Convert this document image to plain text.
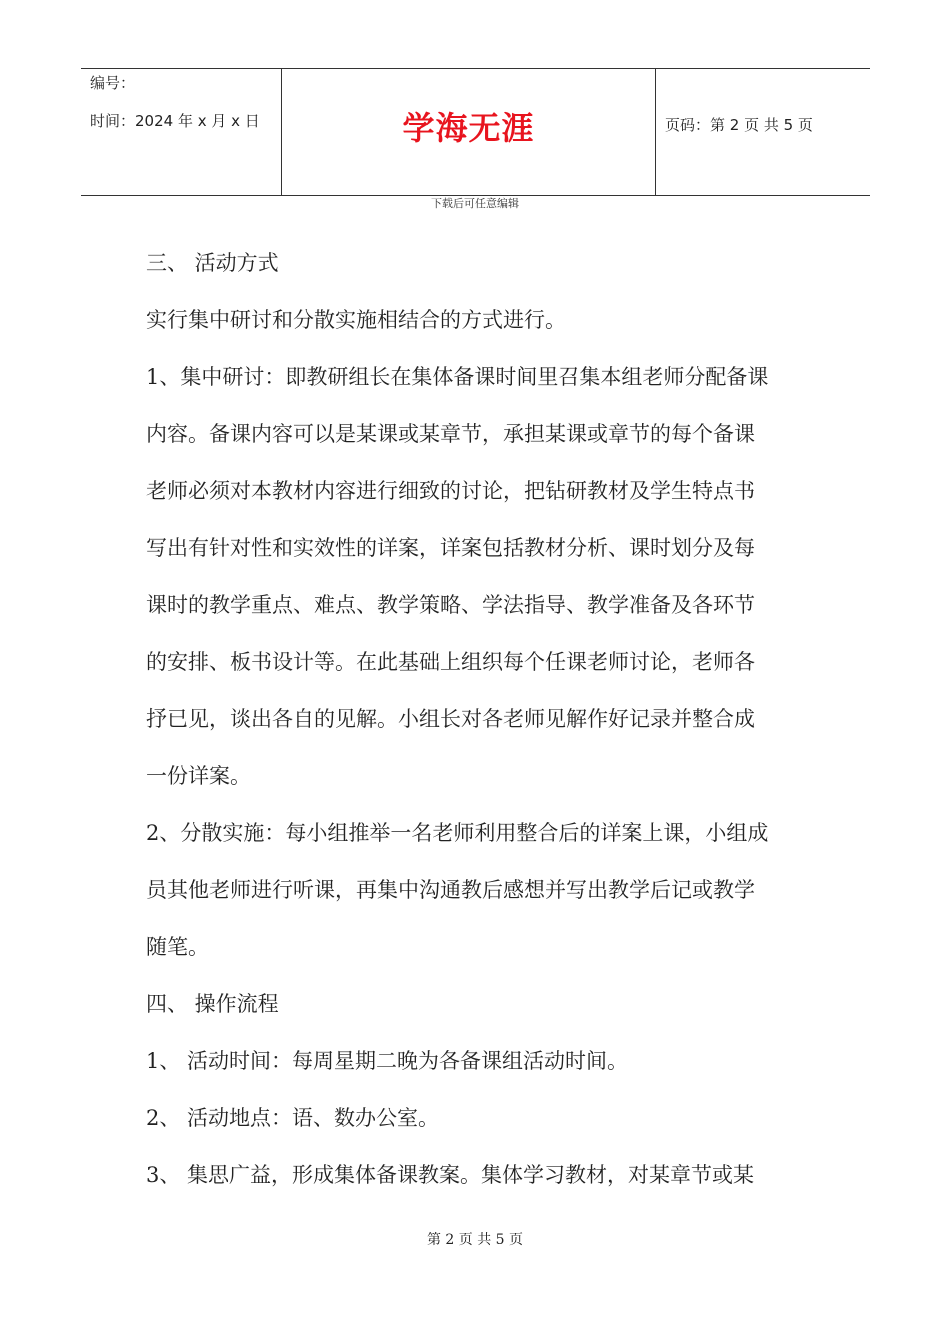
编号：
时间：2024 年 x 月 x 日	学海无涯	页码：第 2 页 共 5 页
下载后可任意编辑
三、 活动方式
实行集中研讨和分散实施相结合的方式进行。
1、集中研讨：即教研组长在集体备课时间里召集本组老师分配备课
内容。备课内容可以是某课或某章节，承担某课或章节的每个备课
老师必须对本教材内容进行细致的讨论，把钻研教材及学生特点书
写出有针对性和实效性的详案，详案包括教材分析、课时划分及每
课时的教学重点、难点、教学策略、学法指导、教学准备及各环节
的安排、板书设计等。在此基础上组织每个任课老师讨论，老师各
抒已见，谈出各自的见解。小组长对各老师见解作好记录并整合成
一份详案。
2、分散实施：每小组推举一名老师利用整合后的详案上课，小组成
员其他老师进行听课，再集中沟通教后感想并写出教学后记或教学
随笔。
四、 操作流程
1、 活动时间：每周星期二晚为各备课组活动时间。
2、 活动地点：语、数办公室。
3、 集思广益，形成集体备课教案。集体学习教材，对某章节或某
第 2 页 共 5 页
